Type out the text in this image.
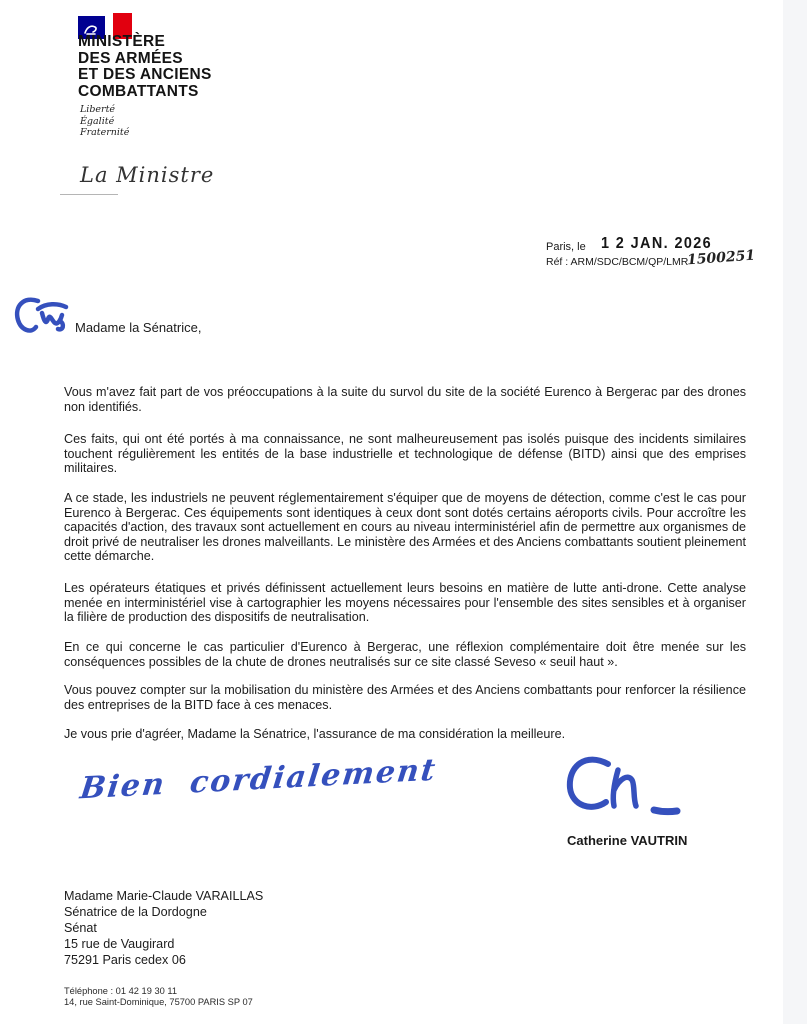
MINISTÈRE
DES ARMÉES
ET DES ANCIENS
COMBATTANTS
Liberté
Égalité
Fraternité
La Ministre
Paris, le 1 2 JAN. 2026
Réf : ARM/SDC/BCM/QP/LMR
1500251
Madame la Sénatrice,

Vous m'avez fait part de vos préoccupations à la suite du survol du site de la société Eurenco à Bergerac par des drones non identifiés.

Ces faits, qui ont été portés à ma connaissance, ne sont malheureusement pas isolés puisque des incidents similaires touchent régulièrement les entités de la base industrielle et technologique de défense (BITD) ainsi que des emprises militaires.

A ce stade, les industriels ne peuvent réglementairement s'équiper que de moyens de détection, comme c'est le cas pour Eurenco à Bergerac. Ces équipements sont identiques à ceux dont sont dotés certains aéroports civils. Pour accroître les capacités d'action, des travaux sont actuellement en cours au niveau interministériel afin de permettre aux organismes de droit privé de neutraliser les drones malveillants. Le ministère des Armées et des Anciens combattants soutient pleinement cette démarche.

Les opérateurs étatiques et privés définissent actuellement leurs besoins en matière de lutte anti-drone. Cette analyse menée en interministériel vise à cartographier les moyens nécessaires pour l'ensemble des sites sensibles et à organiser la filière de production des dispositifs de neutralisation.

En ce qui concerne le cas particulier d'Eurenco à Bergerac, une réflexion complémentaire doit être menée sur les conséquences possibles de la chute de drones neutralisés sur ce site classé Seveso « seuil haut ».

Vous pouvez compter sur la mobilisation du ministère des Armées et des Anciens combattants pour renforcer la résilience des entreprises de la BITD face à ces menaces.

Je vous prie d'agréer, Madame la Sénatrice, l'assurance de ma considération la meilleure.

Bien cordialement
Catherine VAUTRIN
Madame Marie-Claude VARAILLAS
Sénatrice de la Dordogne
Sénat
15 rue de Vaugirard
75291 Paris cedex 06
Téléphone : 01 42 19 30 11
14, rue Saint-Dominique, 75700 PARIS SP 07
